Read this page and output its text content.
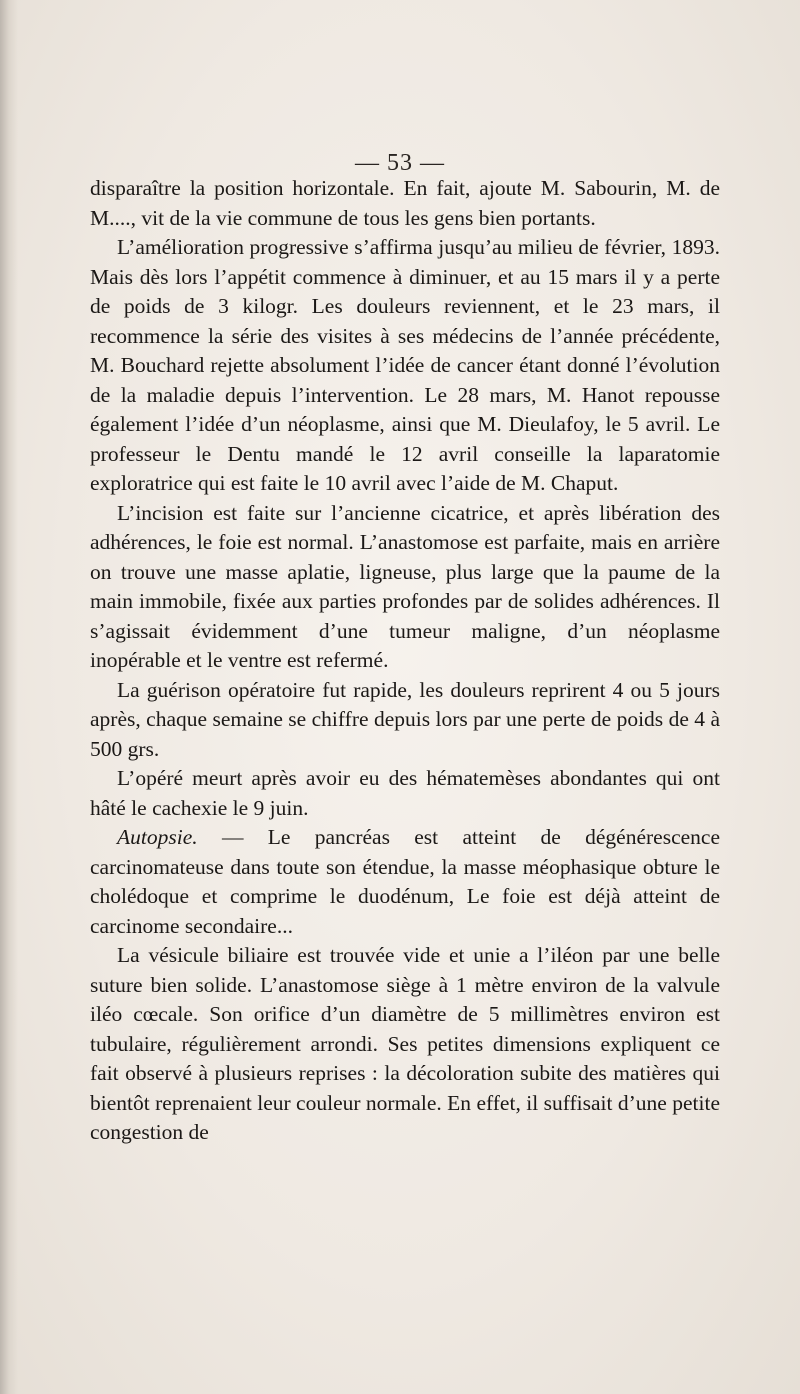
— 53 —

disparaître la position horizontale. En fait, ajoute M. Sabourin, M. de M...., vit de la vie commune de tous les gens bien portants.

L’amélioration progressive s’affirma jusqu’au milieu de février, 1893. Mais dès lors l’appétit commence à diminuer, et au 15 mars il y a perte de poids de 3 kilogr. Les douleurs reviennent, et le 23 mars, il recommence la série des visites à ses médecins de l’année précédente, M. Bouchard rejette absolument l’idée de cancer étant donné l’évolution de la maladie depuis l’intervention. Le 28 mars, M. Hanot repousse également l’idée d’un néoplasme, ainsi que M. Dieulafoy, le 5 avril. Le professeur le Dentu mandé le 12 avril conseille la laparatomie exploratrice qui est faite le 10 avril avec l’aide de M. Chaput.

L’incision est faite sur l’ancienne cicatrice, et après libération des adhérences, le foie est normal. L’anastomose est parfaite, mais en arrière on trouve une masse aplatie, ligneuse, plus large que la paume de la main immobile, fixée aux parties profondes par de solides adhérences. Il s’agissait évidemment d’une tumeur maligne, d’un néoplasme inopérable et le ventre est refermé.

La guérison opératoire fut rapide, les douleurs reprirent 4 ou 5 jours après, chaque semaine se chiffre depuis lors par une perte de poids de 4 à 500 grs.

L’opéré meurt après avoir eu des hématemèses abondantes qui ont hâté le cachexie le 9 juin.

Autopsie. — Le pancréas est atteint de dégénérescence carcinomateuse dans toute son étendue, la masse méophasique obture le cholédoque et comprime le duodénum, Le foie est déjà atteint de carcinome secondaire...

La vésicule biliaire est trouvée vide et unie a l’iléon par une belle suture bien solide. L’anastomose siège à 1 mètre environ de la valvule iléo cœcale. Son orifice d’un diamètre de 5 millimètres environ est tubulaire, régulièrement arrondi. Ses petites dimensions expliquent ce fait observé à plusieurs reprises : la décoloration subite des matières qui bientôt reprenaient leur couleur normale. En effet, il suffisait d’une petite congestion de
